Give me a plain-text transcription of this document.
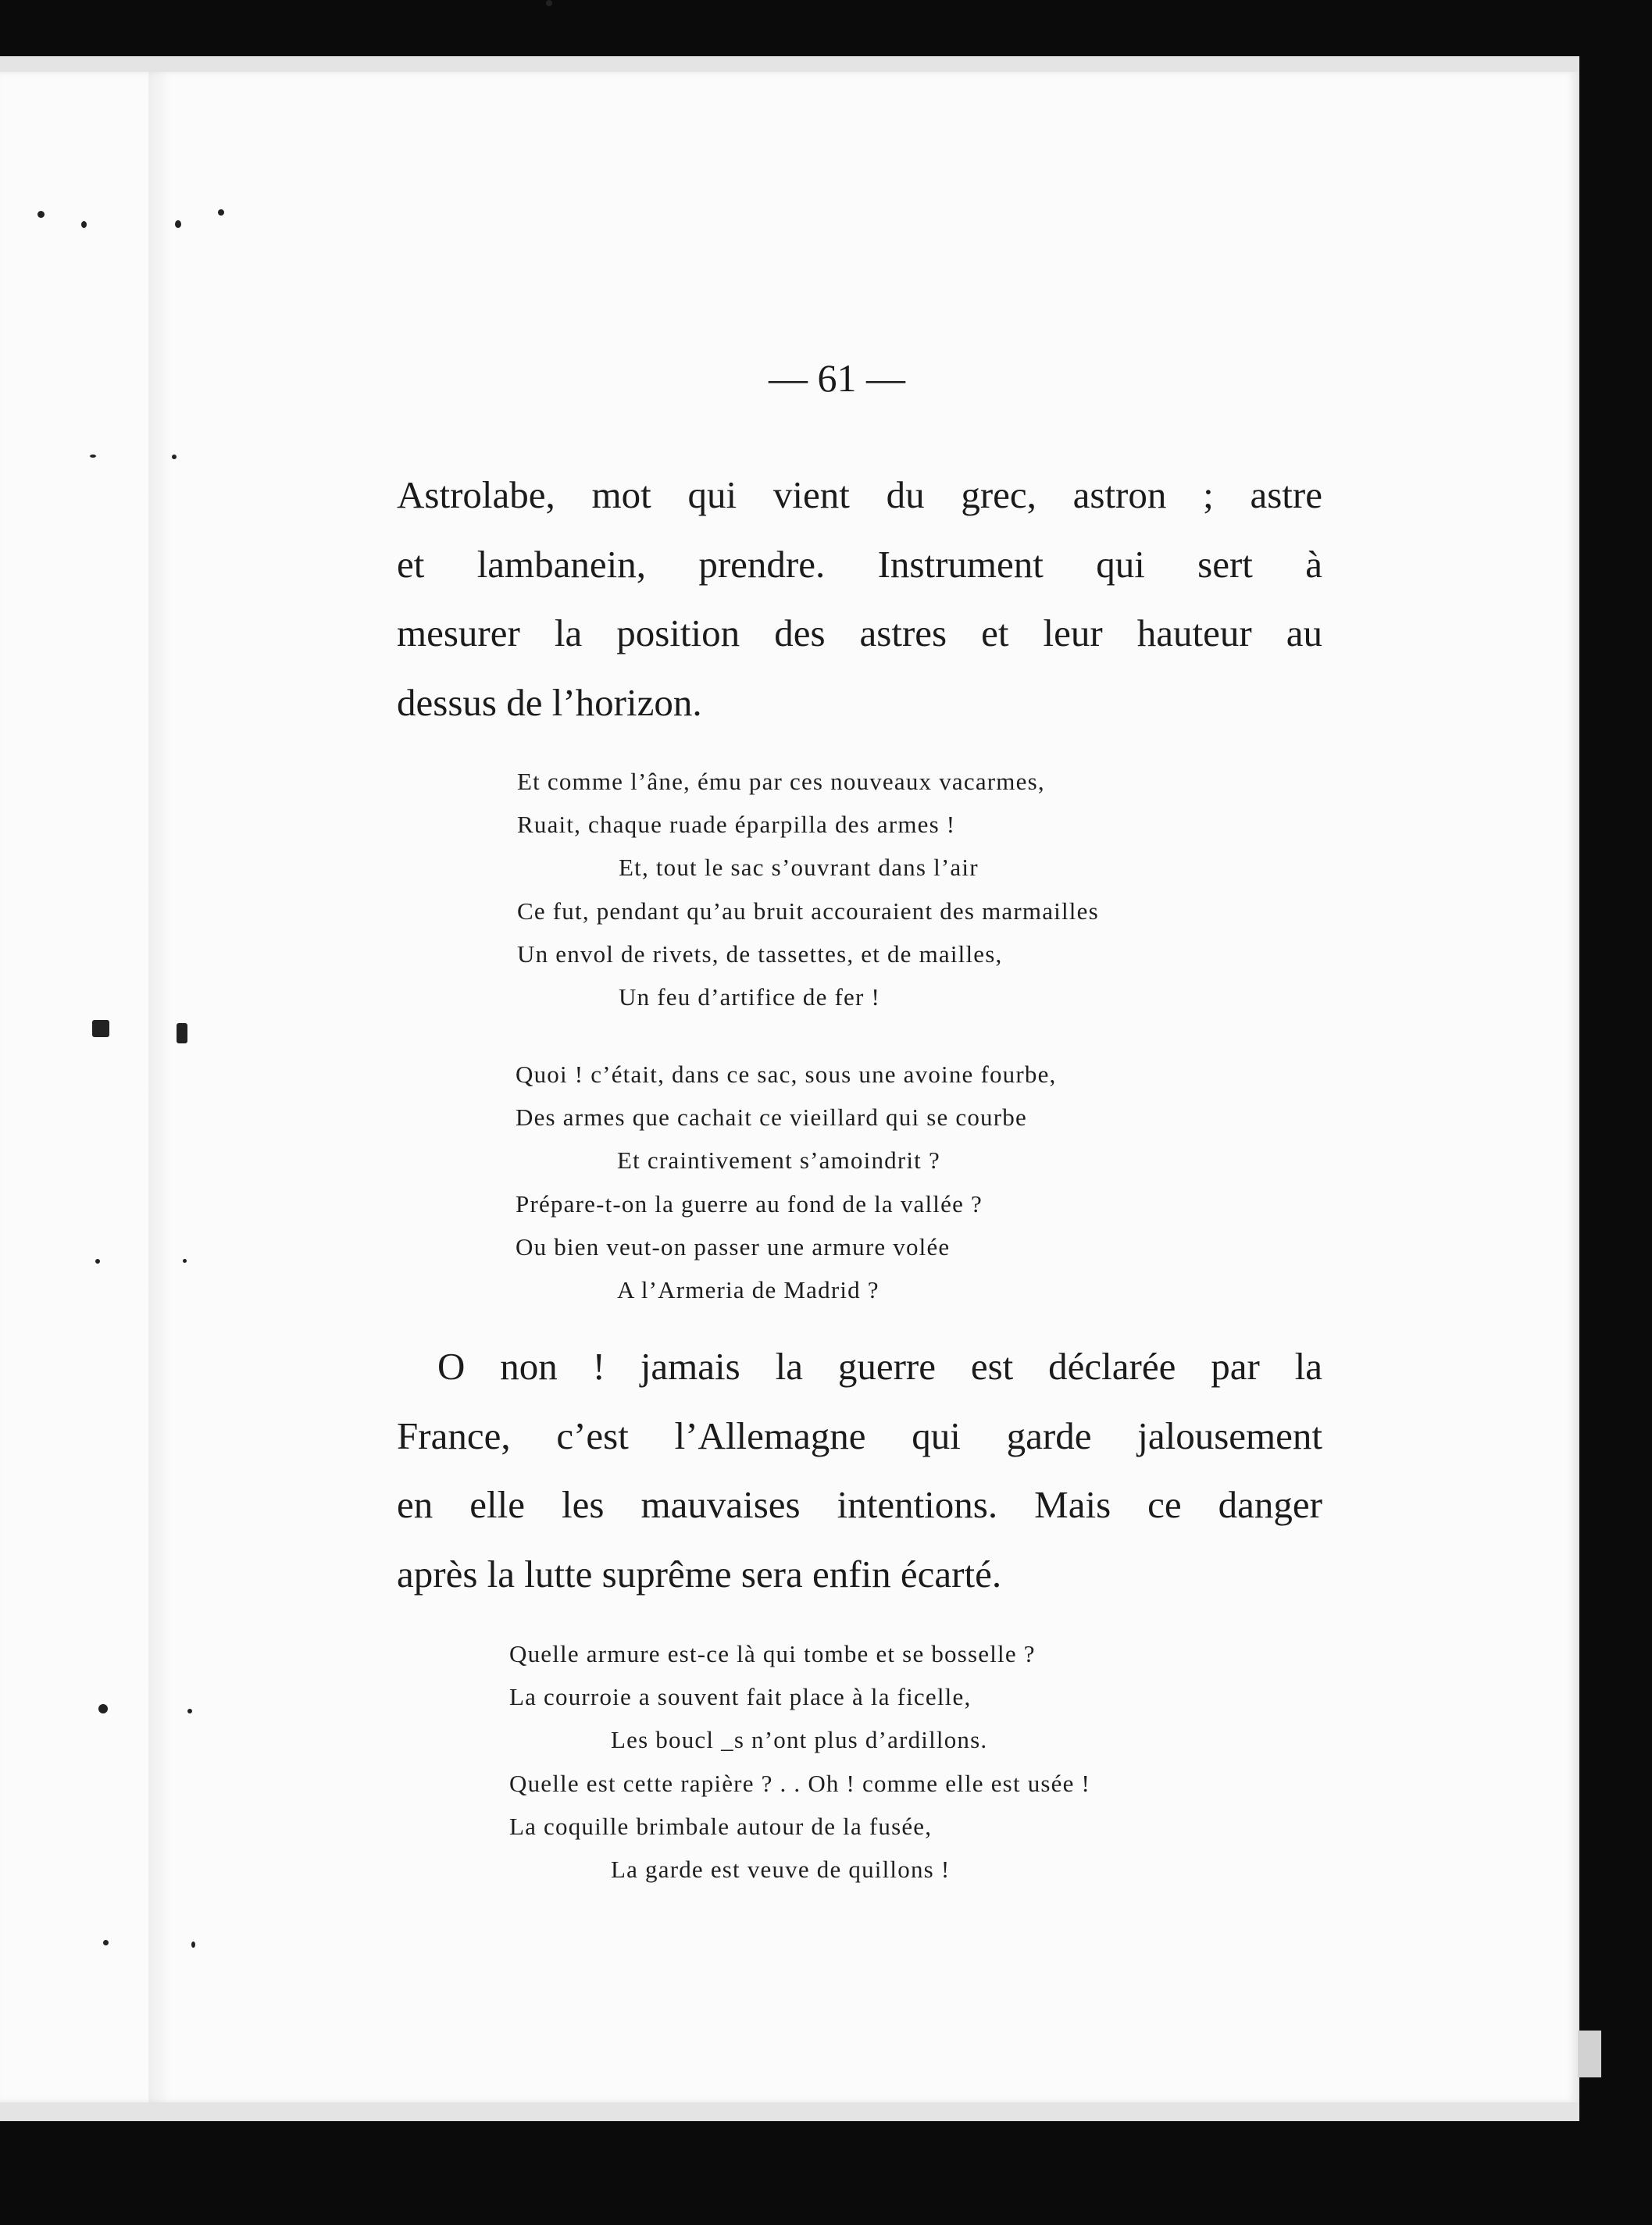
— 61 —
Astrolabe, mot qui vient du grec, astron ; astre
et lambanein, prendre. Instrument qui sert à
mesurer la position des astres et leur hauteur au
dessus de l’horizon.
Et comme l’âne, ému par ces nouveaux vacarmes,
Ruait, chaque ruade éparpilla des armes !
Et, tout le sac s’ouvrant dans l’air
Ce fut, pendant qu’au bruit accouraient des marmailles
Un envol de rivets, de tassettes, et de mailles,
Un feu d’artifice de fer !
Quoi ! c’était, dans ce sac, sous une avoine fourbe,
Des armes que cachait ce vieillard qui se courbe
Et craintivement s’amoindrit ?
Prépare-t-on la guerre au fond de la vallée ?
Ou bien veut-on passer une armure volée
A l’Armeria de Madrid ?
O non ! jamais la guerre est déclarée par la
France, c’est l’Allemagne qui garde jalousement
en elle les mauvaises intentions. Mais ce danger
après la lutte suprême sera enfin écarté.
Quelle armure est-ce là qui tombe et se bosselle ?
La courroie a souvent fait place à la ficelle,
Les boucl _s n’ont plus d’ardillons.
Quelle est cette rapière ? . . Oh ! comme elle est usée !
La coquille brimbale autour de la fusée,
La garde est veuve de quillons !
